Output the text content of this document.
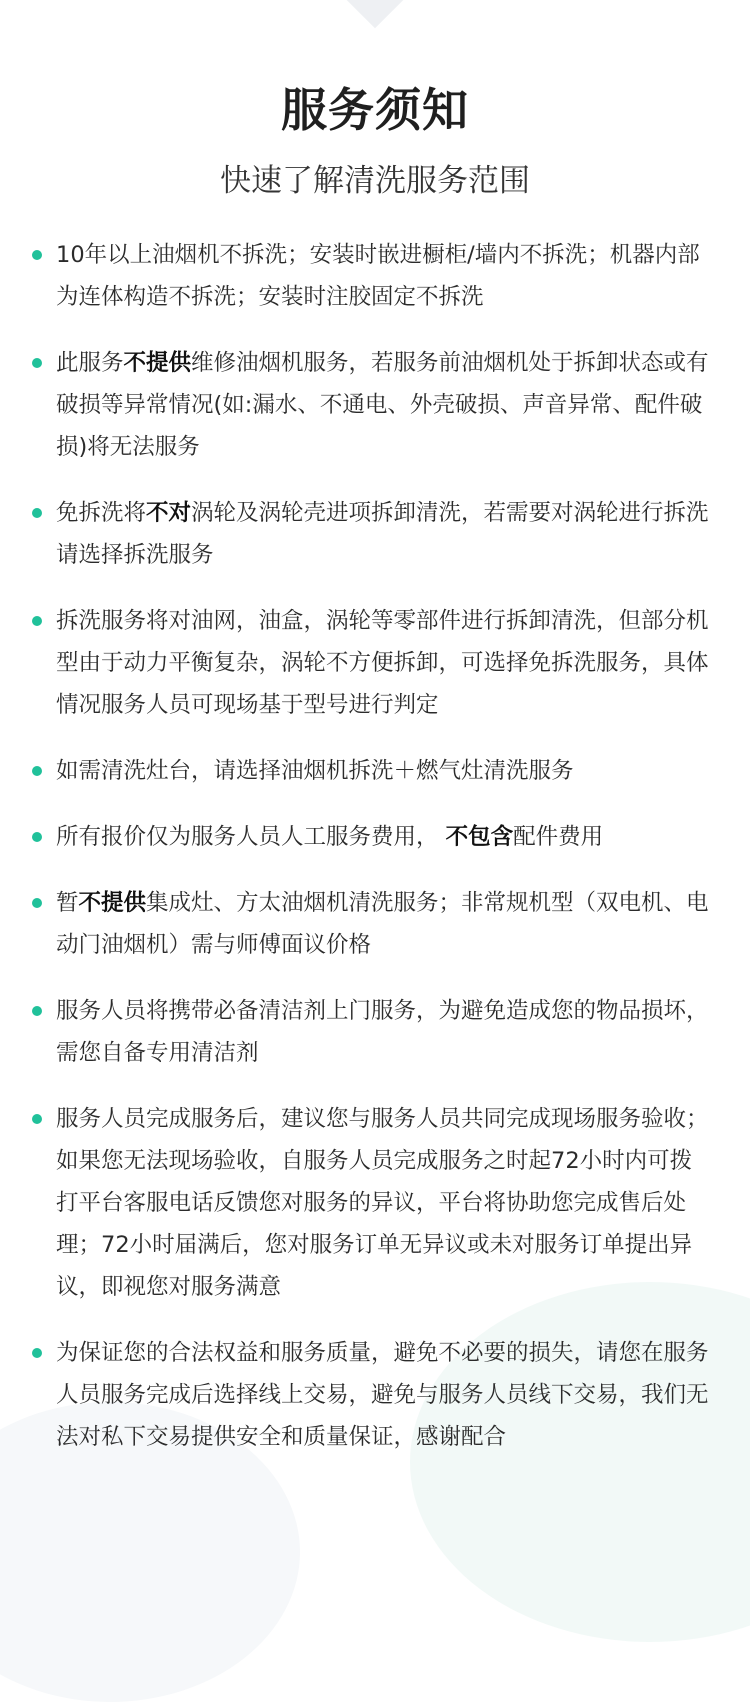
服务须知
快速了解清洗服务范围
10年以上油烟机不拆洗；安装时嵌进橱柜/墙内不拆洗；机器内部为连体构造不拆洗；安装时注胶固定不拆洗
此服务不提供维修油烟机服务，若服务前油烟机处于拆卸状态或有破损等异常情况(如:漏水、不通电、外壳破损、声音异常、配件破损)将无法服务
免拆洗将不对涡轮及涡轮壳进项拆卸清洗，若需要对涡轮进行拆洗请选择拆洗服务
拆洗服务将对油网，油盒，涡轮等零部件进行拆卸清洗，但部分机型由于动力平衡复杂，涡轮不方便拆卸，可选择免拆洗服务，具体情况服务人员可现场基于型号进行判定
如需清洗灶台，请选择油烟机拆洗＋燃气灶清洗服务
所有报价仅为服务人员人工服务费用， 不包含配件费用
暂不提供集成灶、方太油烟机清洗服务；非常规机型（双电机、电动门油烟机）需与师傅面议价格
服务人员将携带必备清洁剂上门服务，为避免造成您的物品损坏，需您自备专用清洁剂
服务人员完成服务后，建议您与服务人员共同完成现场服务验收；如果您无法现场验收，自服务人员完成服务之时起72小时内可拨打平台客服电话反馈您对服务的异议，平台将协助您完成售后处理；72小时届满后，您对服务订单无异议或未对服务订单提出异议，即视您对服务满意
为保证您的合法权益和服务质量，避免不必要的损失，请您在服务人员服务完成后选择线上交易，避免与服务人员线下交易，我们无法对私下交易提供安全和质量保证，感谢配合
